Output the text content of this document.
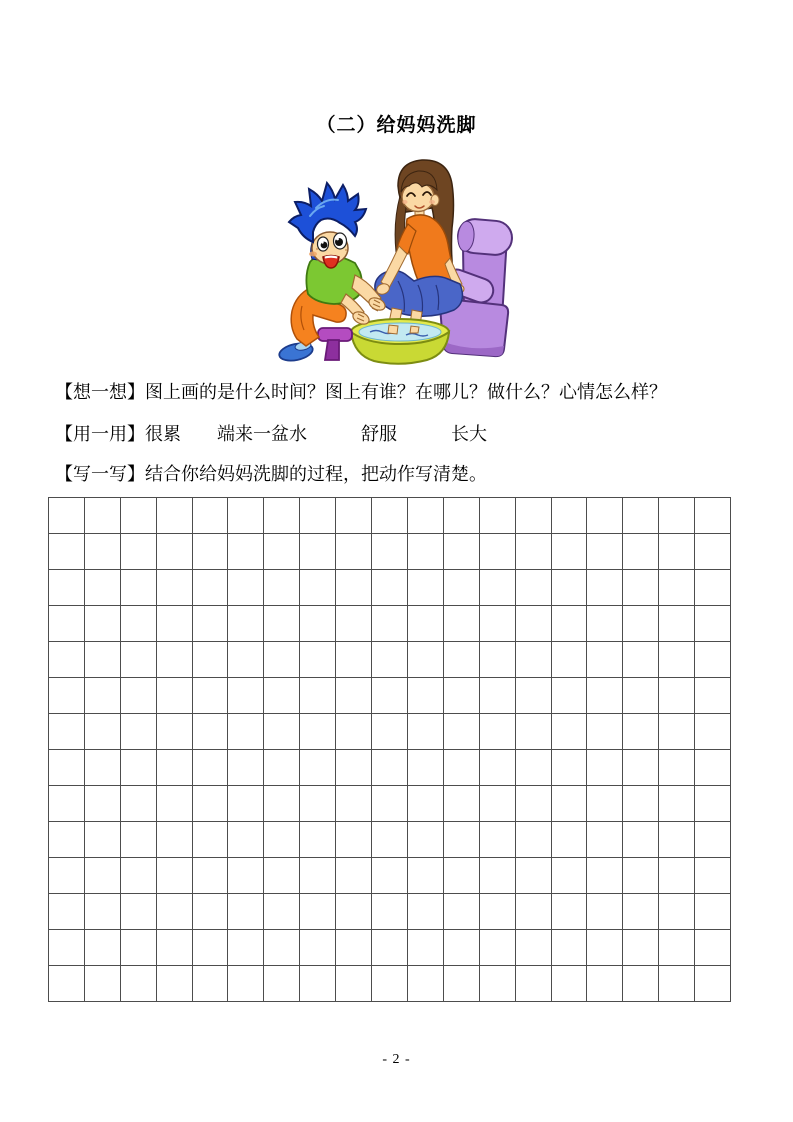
（二）给妈妈洗脚
【想一想】图上画的是什么时间？图上有谁？在哪儿？做什么？心情怎么样？
【用一用】很累　　端来一盆水　　　舒服　　　长大
【写一写】结合你给妈妈洗脚的过程，把动作写清楚。
- 2 -
